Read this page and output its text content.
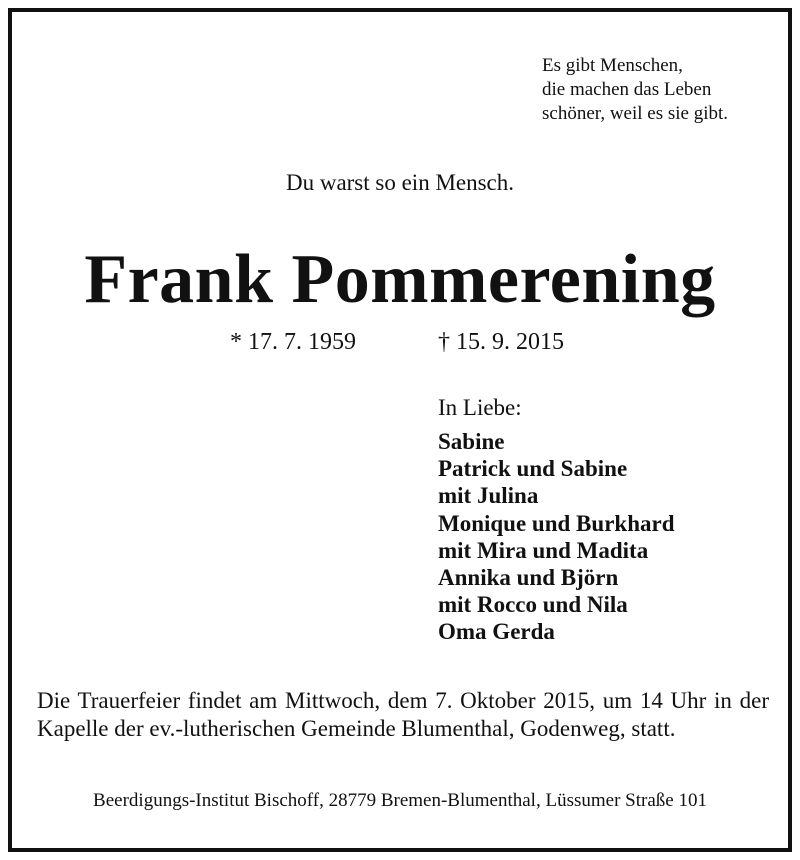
Es gibt Menschen,
die machen das Leben
schöner, weil es sie gibt.
Du warst so ein Mensch.
Frank Pommerening
* 17. 7. 1959	† 15. 9. 2015
In Liebe:
Sabine
Patrick und Sabine
mit Julina
Monique und Burkhard
mit Mira und Madita
Annika und Björn
mit Rocco und Nila
Oma Gerda
Die Trauerfeier findet am Mittwoch, dem 7. Oktober 2015, um 14 Uhr in der Kapelle der ev.-lutherischen Gemeinde Blumenthal, Godenweg, statt.
Beerdigungs-Institut Bischoff, 28779 Bremen-Blumenthal, Lüssumer Straße 101
